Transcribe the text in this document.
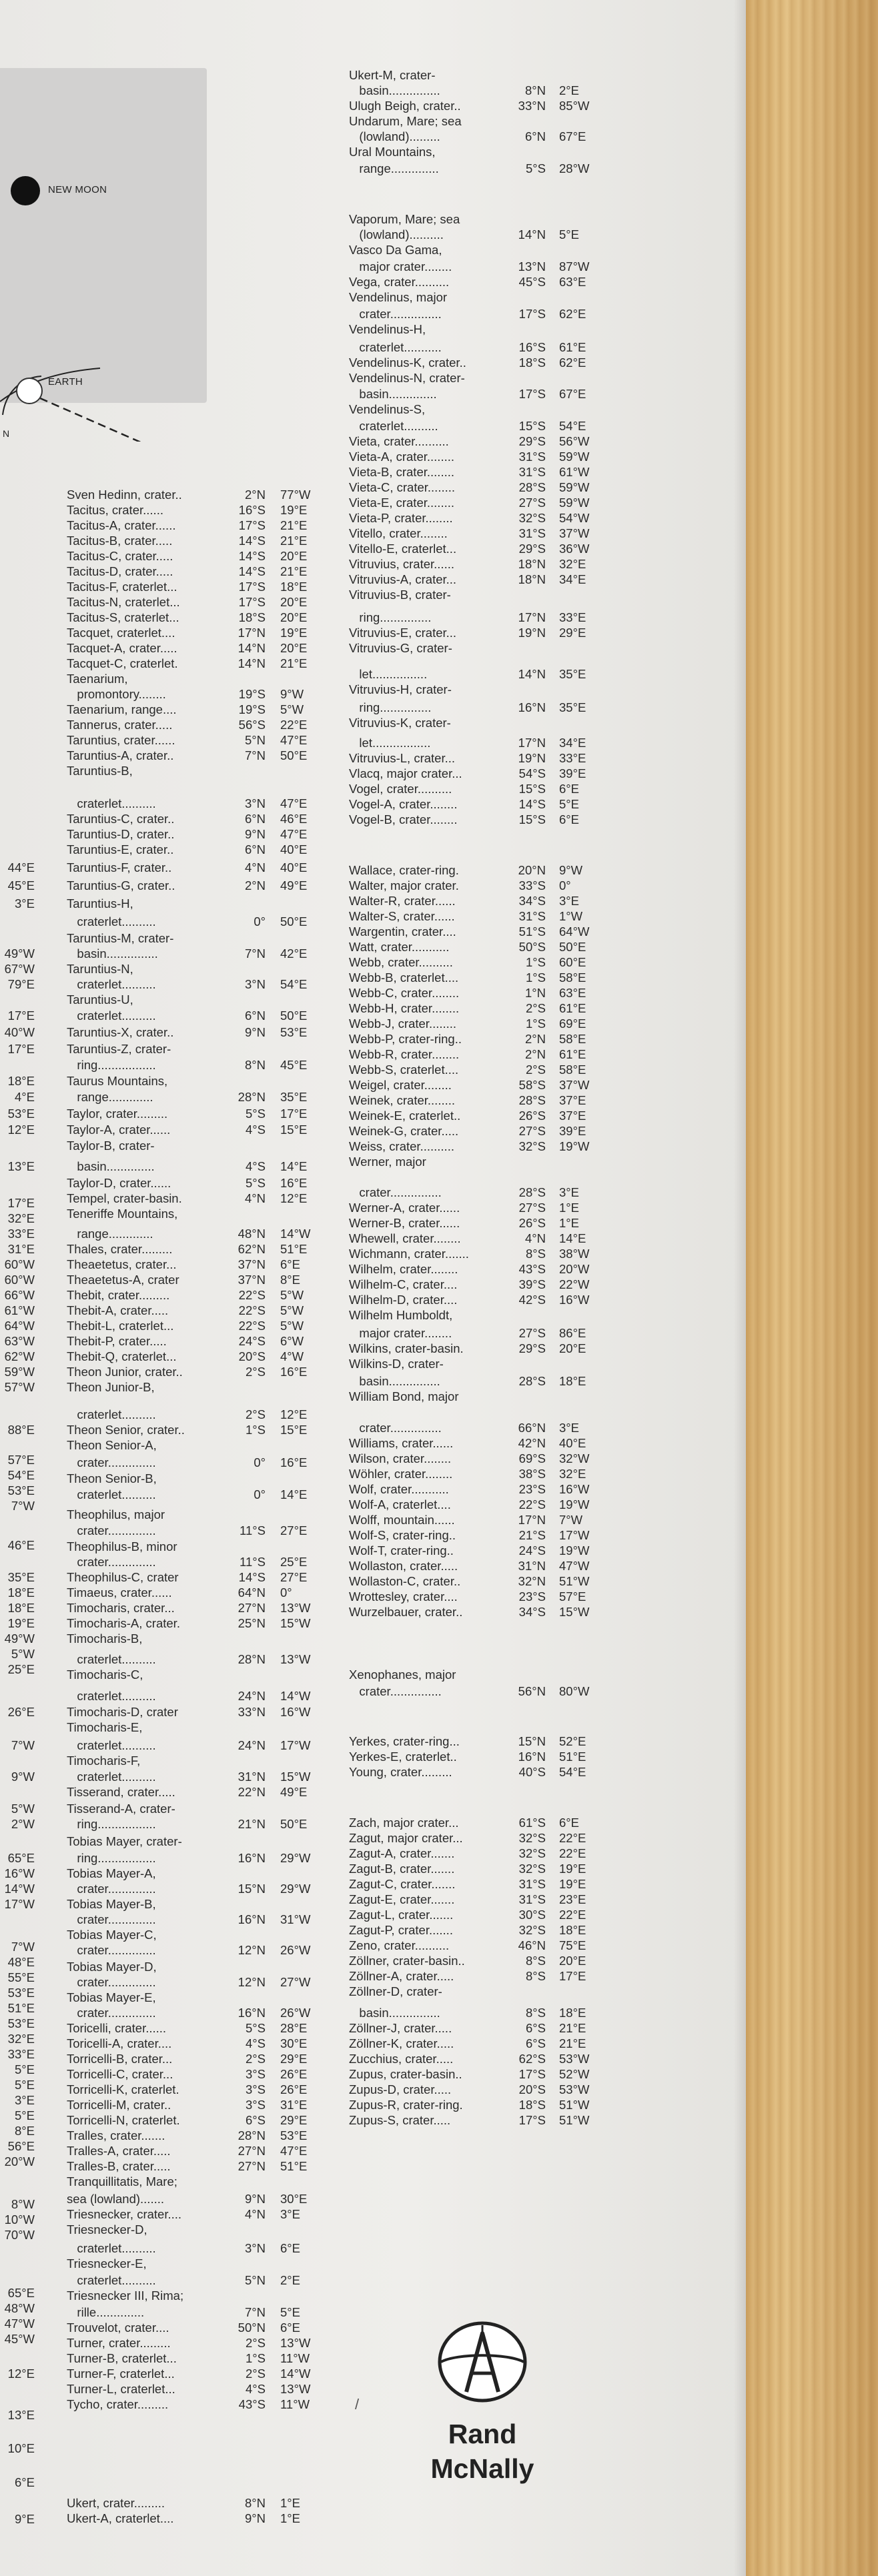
NEW MOON
EARTH
N
44°E
45°E
3°E
49°W
67°W
79°E
17°E
40°W
17°E
18°E
4°E
53°E
12°E
13°E
17°E
32°E
33°E
31°E
60°W
60°W
66°W
61°W
64°W
63°W
62°W
59°W
57°W
88°E
57°E
54°E
53°E
7°W
46°E
35°E
18°E
18°E
19°E
49°W
5°W
25°E
26°E
7°W
9°W
5°W
2°W
65°E
16°W
14°W
17°W
7°W
48°E
55°E
53°E
51°E
53°E
32°E
33°E
5°E
5°E
3°E
5°E
8°E
56°E
20°W
8°W
10°W
70°W
65°E
48°W
47°W
45°W
12°E
13°E
10°E
6°E
9°E
Sven Hedinn, crater..	2°N 77°W
Tacitus, crater......	16°S 19°E
Tacitus-A, crater......	17°S 21°E
Tacitus-B, crater.....	14°S 21°E
Tacitus-C, crater.....	14°S 20°E
Tacitus-D, crater.....	14°S 21°E
Tacitus-F, craterlet...	17°S 18°E
Tacitus-N, craterlet...	17°S 20°E
Tacitus-S, craterlet...	18°S 20°E
Tacquet, craterlet....	17°N 19°E
Tacquet-A, crater.....	14°N 20°E
Tacquet-C, craterlet.	14°N 21°E
Taenarium,
promontory........	19°S 9°W
Taenarium, range....	19°S 5°W
Tannerus, crater.....	56°S 22°E
Taruntius, crater......	5°N 47°E
Taruntius-A, crater..	7°N 50°E
Taruntius-B,
craterlet..........	3°N 47°E
Taruntius-C, crater..	6°N 46°E
Taruntius-D, crater..	9°N 47°E
Taruntius-E, crater..	6°N 40°E
Taruntius-F, crater..	4°N 40°E
Taruntius-G, crater..	2°N 49°E
Taruntius-H,
craterlet..........	0° 50°E
Taruntius-M, crater-
basin...............	7°N 42°E
Taruntius-N,
craterlet..........	3°N 54°E
Taruntius-U,
craterlet..........	6°N 50°E
Taruntius-X, crater..	9°N 53°E
Taruntius-Z, crater-
ring.................	8°N 45°E
Taurus Mountains,
range.............	28°N 35°E
Taylor, crater.........	5°S 17°E
Taylor-A, crater......	4°S 15°E
Taylor-B, crater-
basin..............	4°S 14°E
Taylor-D, crater......	5°S 16°E
Tempel, crater-basin.	4°N 12°E
Teneriffe Mountains,
range.............	48°N 14°W
Thales, crater.........	62°N 51°E
Theaetetus, crater...	37°N 6°E
Theaetetus-A, crater	37°N 8°E
Thebit, crater.........	22°S 5°W
Thebit-A, crater.....	22°S 5°W
Thebit-L, craterlet...	22°S 5°W
Thebit-P, crater.....	24°S 6°W
Thebit-Q, craterlet...	20°S 4°W
Theon Junior, crater..	2°S 16°E
Theon Junior-B,
craterlet..........	2°S 12°E
Theon Senior, crater..	1°S 15°E
Theon Senior-A,
crater..............	0° 16°E
Theon Senior-B,
craterlet..........	0° 14°E
Theophilus, major
crater..............	11°S 27°E
Theophilus-B, minor
crater..............	11°S 25°E
Theophilus-C, crater	14°S 27°E
Timaeus, crater......	64°N 0°
Timocharis, crater...	27°N 13°W
Timocharis-A, crater.	25°N 15°W
Timocharis-B,
craterlet..........	28°N 13°W
Timocharis-C,
craterlet..........	24°N 14°W
Timocharis-D, crater	33°N 16°W
Timocharis-E,
craterlet..........	24°N 17°W
Timocharis-F,
craterlet..........	31°N 15°W
Tisserand, crater.....	22°N 49°E
Tisserand-A, crater-
ring.................	21°N 50°E
Tobias Mayer, crater-
ring.................	16°N 29°W
Tobias Mayer-A,
crater..............	15°N 29°W
Tobias Mayer-B,
crater..............	16°N 31°W
Tobias Mayer-C,
crater..............	12°N 26°W
Tobias Mayer-D,
crater..............	12°N 27°W
Tobias Mayer-E,
crater..............	16°N 26°W
Toricelli, crater......	5°S 28°E
Toricelli-A, crater....	4°S 30°E
Torricelli-B, crater...	2°S 29°E
Torricelli-C, crater...	3°S 26°E
Torricelli-K, craterlet.	3°S 26°E
Torricelli-M, crater..	3°S 31°E
Torricelli-N, craterlet.	6°S 29°E
Tralles, crater.......	28°N 53°E
Tralles-A, crater.....	27°N 47°E
Tralles-B, crater.....	27°N 51°E
Tranquillitatis, Mare;
sea (lowland).......	9°N 30°E
Triesnecker, crater....	4°N 3°E
Triesnecker-D,
craterlet..........	3°N 6°E
Triesnecker-E,
craterlet..........	5°N 2°E
Triesnecker III, Rima;
rille..............	7°N 5°E
Trouvelot, crater....	50°N 6°E
Turner, crater.........	2°S 13°W
Turner-B, craterlet...	1°S 11°W
Turner-F, craterlet...	2°S 14°W
Turner-L, craterlet...	4°S 13°W
Tycho, crater.........	43°S 11°W
Ukert, crater.........	8°N 1°E
Ukert-A, craterlet....	9°N 1°E
Ukert-M, crater-
basin...............	8°N 2°E
Ulugh Beigh, crater..	33°N 85°W
Undarum, Mare; sea
(lowland).........	6°N 67°E
Ural Mountains,
range..............	5°S 28°W
Vaporum, Mare; sea
(lowland)..........	14°N 5°E
Vasco Da Gama,
major crater........	13°N 87°W
Vega, crater..........	45°S 63°E
Vendelinus, major
crater...............	17°S 62°E
Vendelinus-H,
craterlet...........	16°S 61°E
Vendelinus-K, crater..	18°S 62°E
Vendelinus-N, crater-
basin..............	17°S 67°E
Vendelinus-S,
craterlet..........	15°S 54°E
Vieta, crater..........	29°S 56°W
Vieta-A, crater........	31°S 59°W
Vieta-B, crater........	31°S 61°W
Vieta-C, crater........	28°S 59°W
Vieta-E, crater........	27°S 59°W
Vieta-P, crater........	32°S 54°W
Vitello, crater........	31°S 37°W
Vitello-E, craterlet...	29°S 36°W
Vitruvius, crater......	18°N 32°E
Vitruvius-A, crater...	18°N 34°E
Vitruvius-B, crater-
ring...............	17°N 33°E
Vitruvius-E, crater...	19°N 29°E
Vitruvius-G, crater-
let................	14°N 35°E
Vitruvius-H, crater-
ring...............	16°N 35°E
Vitruvius-K, crater-
let.................	17°N 34°E
Vitruvius-L, crater...	19°N 33°E
Vlacq, major crater...	54°S 39°E
Vogel, crater..........	15°S 6°E
Vogel-A, crater........	14°S 5°E
Vogel-B, crater........	15°S 6°E
Wallace, crater-ring.	20°N 9°W
Walter, major crater.	33°S 0°
Walter-R, crater......	34°S 3°E
Walter-S, crater......	31°S 1°W
Wargentin, crater....	51°S 64°W
Watt, crater...........	50°S 50°E
Webb, crater..........	1°S 60°E
Webb-B, craterlet....	1°S 58°E
Webb-C, crater........	1°N 63°E
Webb-H, crater........	2°S 61°E
Webb-J, crater........	1°S 69°E
Webb-P, crater-ring..	2°N 58°E
Webb-R, crater........	2°N 61°E
Webb-S, craterlet....	2°S 58°E
Weigel, crater........	58°S 37°W
Weinek, crater........	28°S 37°E
Weinek-E, craterlet..	26°S 37°E
Weinek-G, crater.....	27°S 39°E
Weiss, crater..........	32°S 19°W
Werner, major
crater...............	28°S 3°E
Werner-A, crater......	27°S 1°E
Werner-B, crater......	26°S 1°E
Whewell, crater........	4°N 14°E
Wichmann, crater.......	8°S 38°W
Wilhelm, crater........	43°S 20°W
Wilhelm-C, crater....	39°S 22°W
Wilhelm-D, crater....	42°S 16°W
Wilhelm Humboldt,
major crater........	27°S 86°E
Wilkins, crater-basin.	29°S 20°E
Wilkins-D, crater-
basin...............	28°S 18°E
William Bond, major
crater...............	66°N 3°E
Williams, crater......	42°N 40°E
Wilson, crater........	69°S 32°W
Wöhler, crater........	38°S 32°E
Wolf, crater...........	23°S 16°W
Wolf-A, craterlet....	22°S 19°W
Wolff, mountain......	17°N 7°W
Wolf-S, crater-ring..	21°S 17°W
Wolf-T, crater-ring..	24°S 19°W
Wollaston, crater.....	31°N 47°W
Wollaston-C, crater..	32°N 51°W
Wrottesley, crater....	23°S 57°E
Wurzelbauer, crater..	34°S 15°W
Xenophanes, major
crater...............	56°N 80°W
Yerkes, crater-ring...	15°N 52°E
Yerkes-E, craterlet..	16°N 51°E
Young, crater.........	40°S 54°E
Zach, major crater...	61°S 6°E
Zagut, major crater...	32°S 22°E
Zagut-A, crater.......	32°S 22°E
Zagut-B, crater.......	32°S 19°E
Zagut-C, crater.......	31°S 19°E
Zagut-E, crater.......	31°S 23°E
Zagut-L, crater.......	30°S 22°E
Zagut-P, crater.......	32°S 18°E
Zeno, crater..........	46°N 75°E
Zöllner, crater-basin..	8°S 20°E
Zöllner-A, crater.....	8°S 17°E
Zöllner-D, crater-
basin...............	8°S 18°E
Zöllner-J, crater.....	6°S 21°E
Zöllner-K, crater.....	6°S 21°E
Zucchius, crater.....	62°S 53°W
Zupus, crater-basin..	17°S 52°W
Zupus-D, crater.....	20°S 53°W
Zupus-R, crater-ring.	18°S 51°W
Zupus-S, crater.....	17°S 51°W
/
Rand
McNally
